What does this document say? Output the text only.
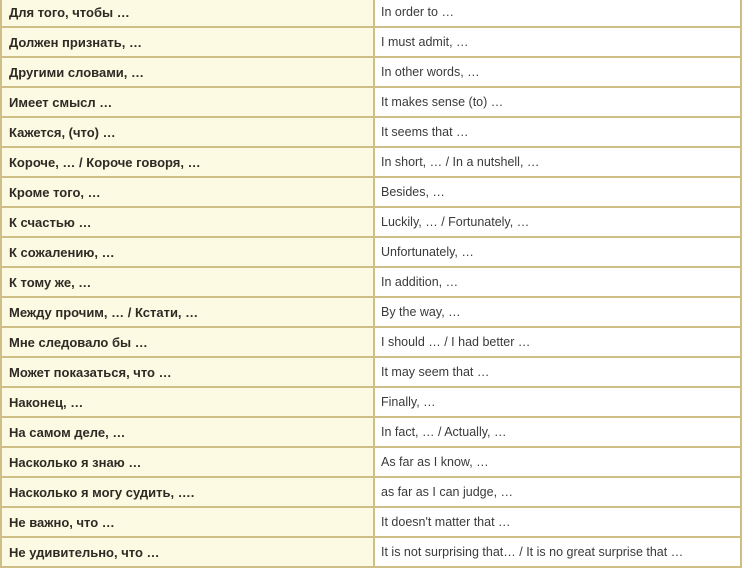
Для того, чтобы …	In order to …
Должен признать, …	I must admit, …
Другими словами, …	In other words, …
Имеет смысл …	It makes sense (to) …
Кажется, (что) …	It seems that …
Короче, … / Короче говоря, …	In short, … / In a nutshell, …
Кроме того, …	Besides, …
К счастью …	Luckily, … / Fortunately, …
К сожалению, …	Unfortunately, …
К тому же, …	In addition, …
Между прочим, … / Кстати, …	By the way, …
Мне следовало бы …	I should … / I had better …
Может показаться, что …	It may seem that …
Наконец, …	Finally, …
На самом деле, …	In fact, … / Actually, …
Насколько я знаю …	As far as I know, …
Насколько я могу судить, ….	as far as I can judge, …
Не важно, что …	It doesn't matter that …
Не удивительно, что …	It is not surprising that… / It is no great surprise that …
